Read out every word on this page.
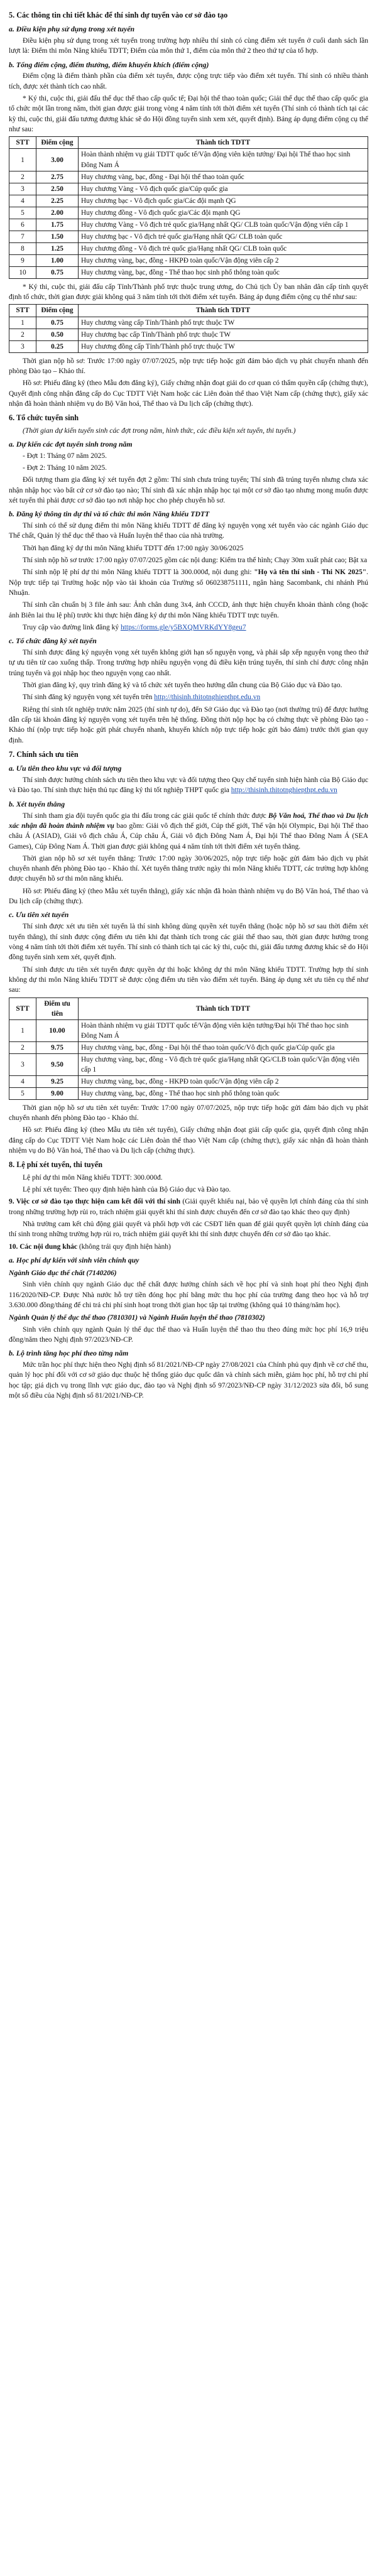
5. Các thông tin chi tiết khác để thí sinh dự tuyển vào cơ sở đào tạo
a. Điều kiện phụ sử dụng trong xét tuyển

Điều kiện phụ sử dụng trong xét tuyển trong trường hợp nhiều thí sinh có cùng điểm xét tuyển ở cuối danh sách lần lượt là: Điểm thi môn Năng khiếu TDTT; Điểm của môn thứ 1, điểm của môn thứ 2 theo thứ tự của tổ hợp.

b. Tổng điểm cộng, điểm thưởng, điểm khuyến khích (điểm cộng)

Điểm cộng là điểm thành phần của điểm xét tuyển, được cộng trực tiếp vào điểm xét tuyển. Thí sinh có nhiều thành tích, được xét thành tích cao nhất.

* Ký thi, cuộc thi, giải đấu thể dục thể thao cấp quốc tế; Đại hội thể thao toàn quốc; Giải thể dục thể thao cấp quốc gia tổ chức một lần trong năm, thời gian được giải trong vòng 4 năm tính tới thời điểm xét tuyển (Thí sinh có thành tích tại các kỳ thi, cuộc thi, giải đấu tương đương khác sẽ do Hội đồng tuyển sinh xem xét, quyết định). Bảng áp dụng điểm cộng cụ thể như sau:

STT	Điểm cộng	Thành tích TDTT
1	3.00	Hoàn thành nhiệm vụ giải TDTT quốc tế/Vận động viên kiện tướng/ Đại hội Thể thao học sinh Đông Nam Á
2	2.75	Huy chương vàng, bạc, đồng - Đại hội thể thao toàn quốc
3	2.50	Huy chương Vàng - Vô địch quốc gia/Cúp quốc gia
4	2.25	Huy chương bạc - Vô địch quốc gia/Các đội mạnh QG
5	2.00	Huy chương đồng - Vô địch quốc gia/Các đội mạnh QG
6	1.75	Huy chương Vàng - Vô địch trẻ quốc gia/Hạng nhất QG/ CLB toàn quốc/Vận động viên cấp 1
7	1.50	Huy chương bạc - Vô địch trẻ quốc gia/Hạng nhất QG/ CLB toàn quốc
8	1.25	Huy chương đồng - Vô địch trẻ quốc gia/Hạng nhất QG/ CLB toàn quốc
9	1.00	Huy chương vàng, bạc, đồng - HKPĐ toàn quốc/Vận động viên cấp 2
10	0.75	Huy chương vàng, bạc, đồng - Thể thao học sinh phổ thông toàn quốc

* Ký thi, cuộc thi, giải đấu cấp Tỉnh/Thành phố trực thuộc trung ương, do Chủ tịch Ủy ban nhân dân cấp tỉnh quyết định tổ chức, thời gian được giải không quá 3 năm tính tới thời điểm xét tuyển. Bảng áp dụng điểm cộng cụ thể như sau:

STT	Điểm cộng	Thành tích TDTT
1	0.75	Huy chương vàng cấp Tỉnh/Thành phố trực thuộc TW
2	0.50	Huy chương bạc cấp Tỉnh/Thành phố trực thuộc TW
3	0.25	Huy chương đồng cấp Tỉnh/Thành phố trực thuộc TW

Thời gian nộp hồ sơ: Trước 17:00 ngày 07/07/2025, nộp trực tiếp hoặc gửi đảm bảo dịch vụ phát chuyển nhanh đến phòng Đào tạo – Khảo thí.

Hồ sơ: Phiếu đăng ký (theo Mẫu đơn đăng ký), Giấy chứng nhận đoạt giải do cơ quan có thẩm quyền cấp (chứng thực), Quyết định công nhận đẳng cấp do Cục TDTT Việt Nam hoặc các Liên đoàn thể thao Việt Nam cấp (chứng thực), giấy xác nhận đã hoàn thành nhiệm vụ do Bộ Văn hoá, Thể thao và Du lịch cấp (chứng thực).

6. Tổ chức tuyển sinh

(Thời gian dự kiến tuyển sinh các đợt trong năm, hình thức, các điều kiện xét tuyển, thi tuyển.)

a. Dự kiến các đợt tuyển sinh trong năm

- Đợt 1: Tháng 07 năm 2025.

- Đợt 2: Tháng 10 năm 2025.

Đối tượng tham gia đăng ký xét tuyển đợt 2 gồm: Thí sinh chưa trúng tuyển; Thí sinh đã trúng tuyển nhưng chưa xác nhận nhập học vào bất cứ cơ sở đào tạo nào; Thí sinh đã xác nhận nhập học tại một cơ sở đào tạo nhưng mong muốn được xét tuyển thì phải được cơ sở đào tạo nơi nhập học cho phép chuyển hồ sơ.

b. Đăng ký thông tin dự thi và tổ chức thi môn Năng khiếu TDTT

Thí sinh có thể sử dụng điểm thi môn Năng khiếu TDTT để đăng ký nguyện vọng xét tuyển vào các ngành Giáo dục Thể chất, Quản lý thể dục thể thao và Huấn luyện thể thao của nhà trường.

Thời hạn đăng ký dự thi môn Năng khiếu TDTT đến 17:00 ngày 30/06/2025

Thí sinh nộp hồ sơ trước 17:00 ngày 07/07/2025 gồm các nội dung: Kiểm tra thể hình; Chạy 30m xuất phát cao; Bật xa

Thí sinh nộp lệ phí dự thi môn Năng khiếu TDTT là 300.000đ, nội dung ghi: "Họ và tên thí sinh - Thi NK 2025". Nộp trực tiếp tại Trường hoặc nộp vào tài khoản của Trường số 060238751111, ngân hàng Sacombank, chi nhánh Phú Nhuận.

Thí sinh cần chuẩn bị 3 file ảnh sau: Ảnh chân dung 3x4, ảnh CCCD, ảnh thực hiện chuyển khoản thành công (hoặc ảnh Biên lai thu lệ phí) trước khi thực hiện đăng ký dự thi môn Năng khiếu TDTT trực tuyến.

Truy cập vào đường link đăng ký https://forms.gle/y5BXQMVRKdYY8geu7

c. Tổ chức đăng ký xét tuyển

Thí sinh được đăng ký nguyện vọng xét tuyển không giới hạn số nguyện vọng, và phải sắp xếp nguyện vọng theo thứ tự ưu tiên từ cao xuống thấp. Trong trường hợp nhiều nguyện vọng đủ điều kiện trúng tuyển, thí sinh chỉ được công nhận trúng tuyển và gọi nhập học theo nguyện vọng cao nhất.

Thời gian đăng ký, quy trình đăng ký và tổ chức xét tuyển theo hướng dẫn chung của Bộ Giáo dục và Đào tạo.

Thí sinh đăng ký nguyện vọng xét tuyển trên http://thisinh.thitotnghiepthpt.edu.vn

Riêng thí sinh tốt nghiệp trước năm 2025 (thí sinh tự do), đến Sở Giáo dục và Đào tạo (nơi thường trú) để được hướng dẫn cấp tài khoản đăng ký nguyện vọng xét tuyển trên hệ thống. Đồng thời nộp học bạ có chứng thực về phòng Đào tạo - Khảo thí (nộp trực tiếp hoặc gửi phát chuyển nhanh, khuyến khích nộp trực tiếp hoặc gửi bảo đảm) trước thời gian quy định.

7. Chính sách ưu tiên
a. Ưu tiên theo khu vực và đối tượng

Thí sinh được hưởng chính sách ưu tiên theo khu vực và đối tượng theo Quy chế tuyển sinh hiện hành của Bộ Giáo dục và Đào tạo. Thí sinh thực hiện thủ tục đăng ký thi tốt nghiệp THPT quốc gia http://thisinh.thitotnghiepthpt.edu.vn

b. Xét tuyển thẳng

Thí sinh tham gia đội tuyển quốc gia thi đấu trong các giải quốc tế chính thức được Bộ Văn hoá, Thể thao và Du lịch xác nhận đã hoàn thành nhiệm vụ bao gồm: Giải vô địch thế giới, Cúp thế giới, Thế vận hội Olympic, Đại hội Thể thao châu Á (ASIAD), Giải vô địch châu Á, Cúp châu Á, Giải vô địch Đông Nam Á, Đại hội Thể thao Đông Nam Á (SEA Games), Cúp Đông Nam Á. Thời gian được giải không quá 4 năm tính tới thời điểm xét tuyển thẳng.

Thời gian nộp hồ sơ xét tuyển thẳng: Trước 17:00 ngày 30/06/2025, nộp trực tiếp hoặc gửi đảm bảo dịch vụ phát chuyển nhanh đến phòng Đào tạo - Khảo thí. Xét tuyển thẳng trước ngày thi môn Năng khiếu TDTT, các trường hợp không được chuyển hồ sơ thi môn năng khiếu.

Hồ sơ: Phiếu đăng ký (theo Mẫu xét tuyển thẳng), giấy xác nhận đã hoàn thành nhiệm vụ do Bộ Văn hoá, Thể thao và Du lịch cấp (chứng thực).

c. Ưu tiên xét tuyển

Thí sinh được xét ưu tiên xét tuyển là thí sinh không dùng quyền xét tuyển thẳng (hoặc nộp hồ sơ sau thời điểm xét tuyển thẳng), thí sinh được cộng điểm ưu tiên khi đạt thành tích trong các giải thể thao sau, thời gian được hưởng trong vòng 4 năm tính tới thời điểm xét tuyển. Thí sinh có thành tích tại các kỳ thi, cuộc thi, giải đấu tương đương khác sẽ do Hội đồng tuyển sinh xem xét, quyết định.

Thí sinh được ưu tiên xét tuyển được quyền dự thi hoặc không dự thi môn Năng khiếu TDTT. Trường hợp thí sinh không dự thi môn Năng khiếu TDTT sẽ được cộng điểm ưu tiên vào điểm xét tuyển. Bảng áp dụng xét ưu tiên cụ thể như sau:

STT	Điểm ưu tiên	Thành tích TDTT
1	10.00	Hoàn thành nhiệm vụ giải TDTT quốc tế/Vận động viên kiện tướng/Đại hội Thể thao học sinh Đông Nam Á
2	9.75	Huy chương vàng, bạc, đồng - Đại hội thể thao toàn quốc/Vô địch quốc gia/Cúp quốc gia
3	9.50	Huy chương vàng, bạc, đồng - Vô địch trẻ quốc gia/Hạng nhất QG/CLB toàn quốc/Vận động viên cấp 1
4	9.25	Huy chương vàng, bạc, đồng - HKPĐ toàn quốc/Vận động viên cấp 2
5	9.00	Huy chương vàng, bạc, đồng - Thể thao học sinh phổ thông toàn quốc

Thời gian nộp hồ sơ ưu tiên xét tuyển: Trước 17:00 ngày 07/07/2025, nộp trực tiếp hoặc gửi đảm bảo dịch vụ phát chuyển nhanh đến phòng Đào tạo - Khảo thí.

Hồ sơ: Phiếu đăng ký (theo Mẫu ưu tiên xét tuyển), Giấy chứng nhận đoạt giải cấp quốc gia, quyết định công nhận đẳng cấp do Cục TDTT Việt Nam hoặc các Liên đoàn thể thao Việt Nam cấp (chứng thực), giấy xác nhận đã hoàn thành nhiệm vụ do Bộ Văn hoá, Thể thao và Du lịch cấp (chứng thực).

8. Lệ phí xét tuyển, thi tuyển

Lệ phí dự thi môn Năng khiếu TDTT: 300.000đ.

Lệ phí xét tuyển: Theo quy định hiện hành của Bộ Giáo dục và Đào tạo.

9. Việc cơ sở đào tạo thực hiện cam kết đối với thí sinh (Giải quyết khiếu nại, bảo vệ quyền lợi chính đáng của thí sinh trong những trường hợp rủi ro, trách nhiệm giải quyết khi thí sinh được chuyển đến cơ sở đào tạo khác theo quy định)

Nhà trường cam kết chủ động giải quyết và phối hợp với các CSĐT liên quan để giải quyết quyền lợi chính đáng của thí sinh trong những trường hợp rủi ro, trách nhiệm giải quyết khi thí sinh được chuyển đến cơ sở đào tạo khác.

10. Các nội dung khác (không trái quy định hiện hành)

a. Học phí dự kiến với sinh viên chính quy
Ngành Giáo dục thể chất (7140206)

Sinh viên chính quy ngành Giáo dục thể chất được hưởng chính sách về học phí và sinh hoạt phí theo Nghị định 116/2020/NĐ-CP. Được Nhà nước hỗ trợ tiền đóng học phí bằng mức thu học phí của trường đang theo học và hỗ trợ 3.630.000 đồng/tháng để chi trả chi phí sinh hoạt trong thời gian học tập tại trường (không quá 10 tháng/năm học).

Ngành Quản lý thể dục thể thao (7810301) và Ngành Huấn luyện thể thao (7810302)

Sinh viên chính quy ngành Quản lý thể dục thể thao và Huấn luyện thể thao thu theo đúng mức học phí 16,9 triệu đồng/năm theo Nghị định 97/2023/NĐ-CP.

b. Lộ trình tăng học phí theo từng năm

Mức trần học phí thực hiện theo Nghị định số 81/2021/NĐ-CP ngày 27/08/2021 của Chính phủ quy định về cơ chế thu, quản lý học phí đối với cơ sở giáo dục thuộc hệ thống giáo dục quốc dân và chính sách miễn, giảm học phí, hỗ trợ chi phí học tập; giá dịch vụ trong lĩnh vực giáo dục, đào tạo và Nghị định số 97/2023/NĐ-CP ngày 31/12/2023 sửa đổi, bổ sung một số điều của Nghị định số 81/2021/NĐ-CP.
